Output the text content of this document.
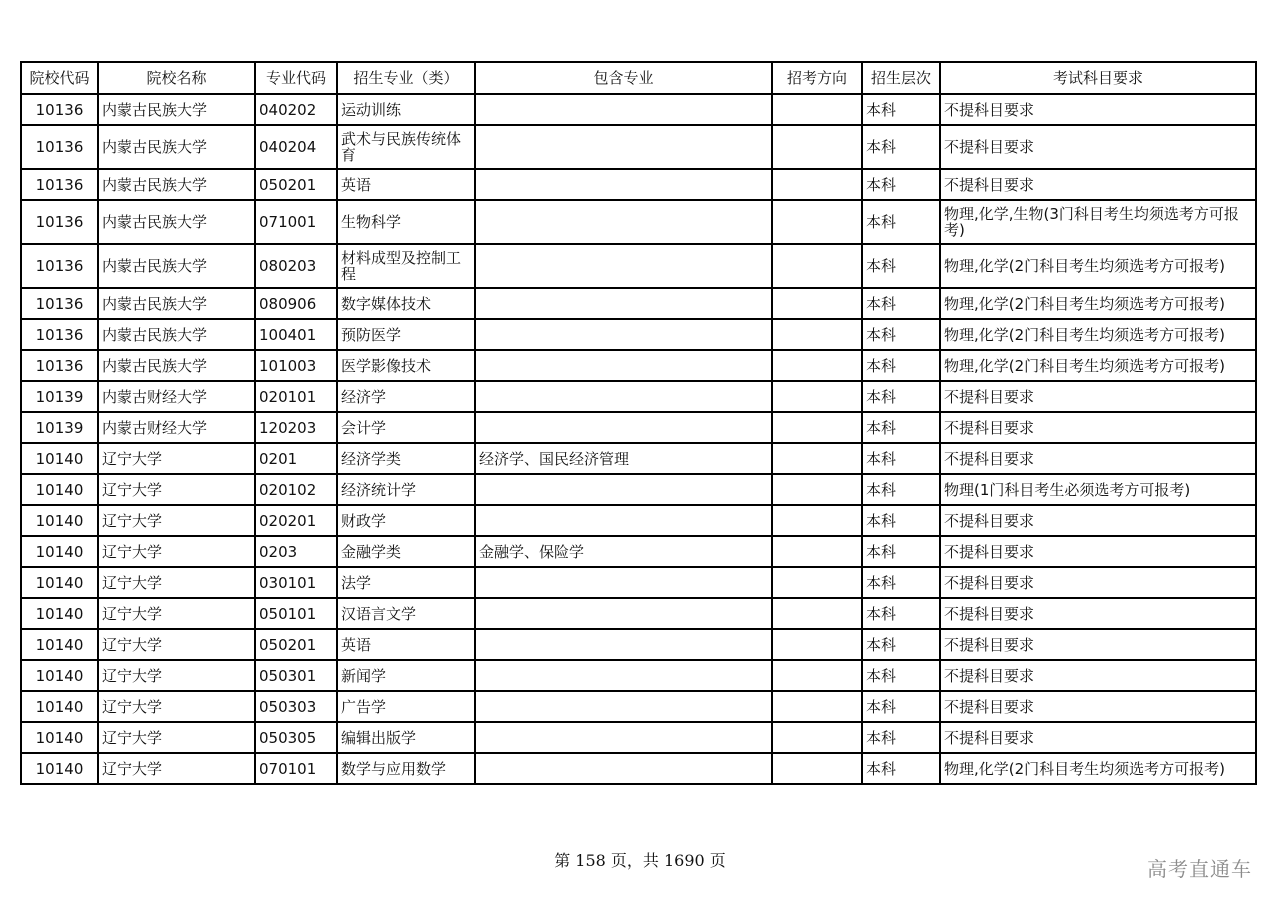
院校代码	院校名称	专业代码	招生专业（类）	包含专业	招考方向	招生层次	考试科目要求
10136	内蒙古民族大学	040202	运动训练			本科	不提科目要求
10136	内蒙古民族大学	040204	武术与民族传统体育			本科	不提科目要求
10136	内蒙古民族大学	050201	英语			本科	不提科目要求
10136	内蒙古民族大学	071001	生物科学			本科	物理,化学,生物(3门科目考生均须选考方可报考)
10136	内蒙古民族大学	080203	材料成型及控制工程			本科	物理,化学(2门科目考生均须选考方可报考)
10136	内蒙古民族大学	080906	数字媒体技术			本科	物理,化学(2门科目考生均须选考方可报考)
10136	内蒙古民族大学	100401	预防医学			本科	物理,化学(2门科目考生均须选考方可报考)
10136	内蒙古民族大学	101003	医学影像技术			本科	物理,化学(2门科目考生均须选考方可报考)
10139	内蒙古财经大学	020101	经济学			本科	不提科目要求
10139	内蒙古财经大学	120203	会计学			本科	不提科目要求
10140	辽宁大学	0201	经济学类	经济学、国民经济管理		本科	不提科目要求
10140	辽宁大学	020102	经济统计学			本科	物理(1门科目考生必须选考方可报考)
10140	辽宁大学	020201	财政学			本科	不提科目要求
10140	辽宁大学	0203	金融学类	金融学、保险学		本科	不提科目要求
10140	辽宁大学	030101	法学			本科	不提科目要求
10140	辽宁大学	050101	汉语言文学			本科	不提科目要求
10140	辽宁大学	050201	英语			本科	不提科目要求
10140	辽宁大学	050301	新闻学			本科	不提科目要求
10140	辽宁大学	050303	广告学			本科	不提科目要求
10140	辽宁大学	050305	编辑出版学			本科	不提科目要求
10140	辽宁大学	070101	数学与应用数学			本科	物理,化学(2门科目考生均须选考方可报考)
第 158 页，共 1690 页	高考直通车
